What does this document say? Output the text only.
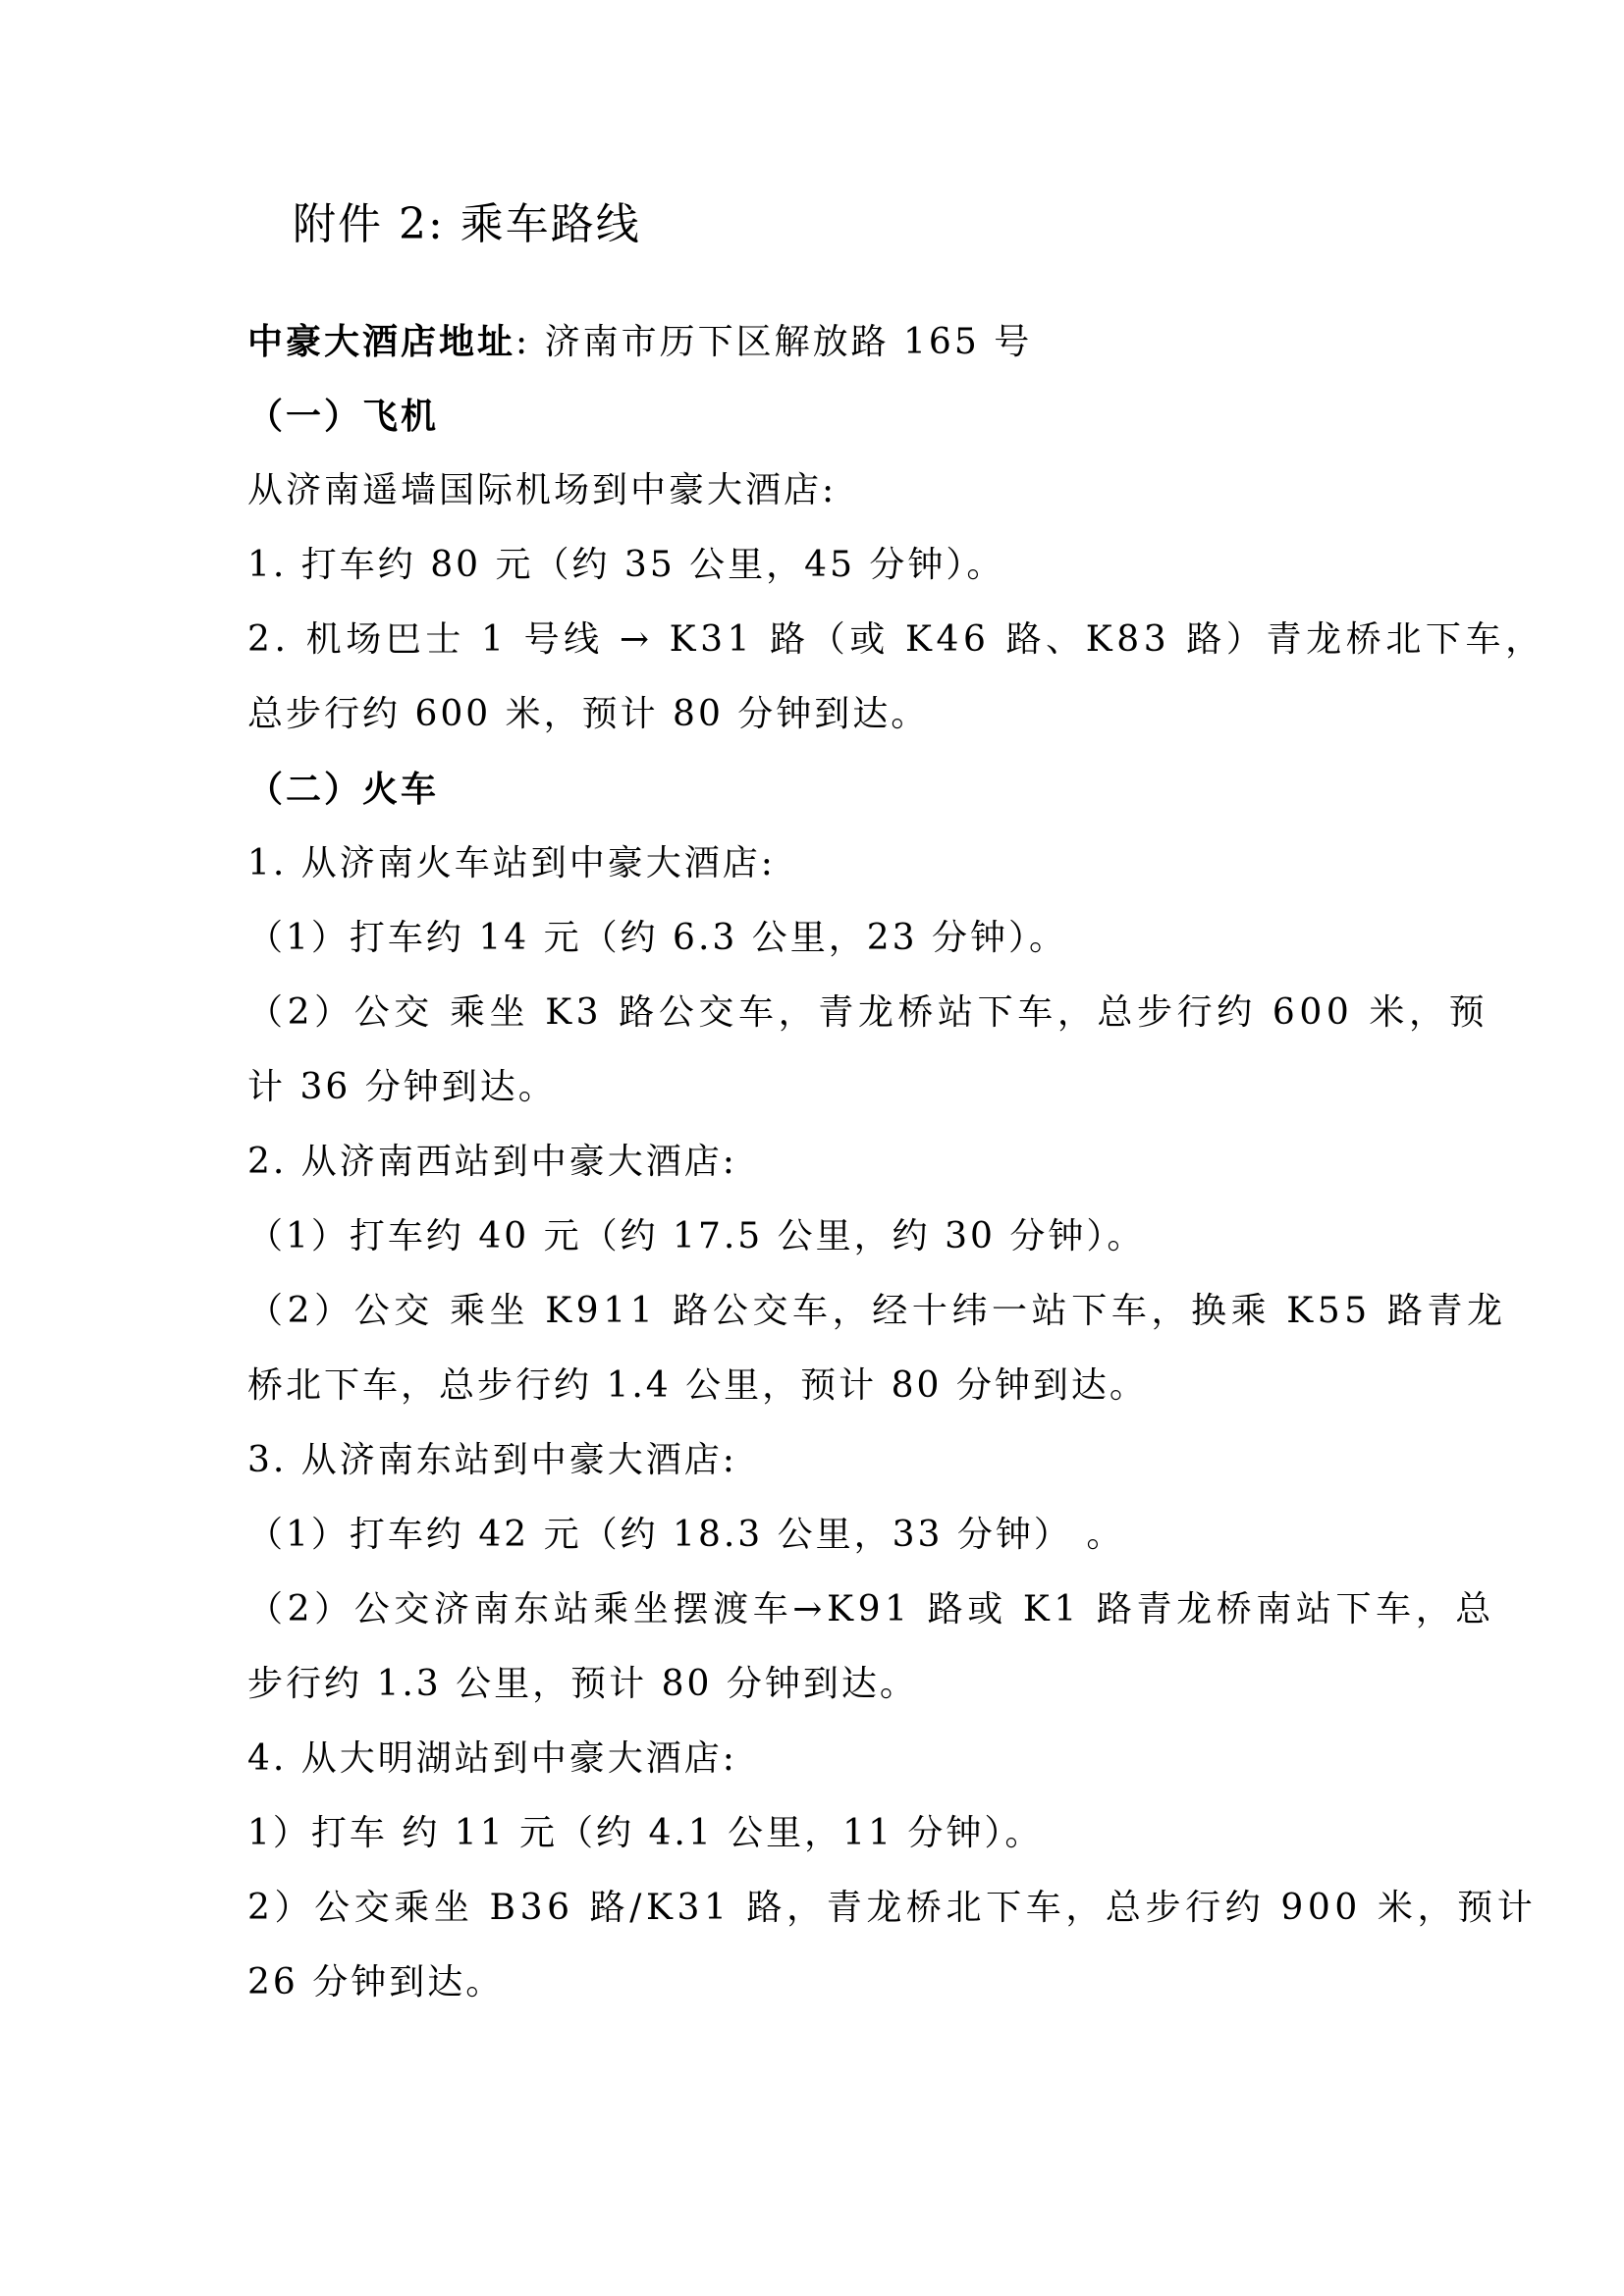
附件 2: 乘车路线
中豪大酒店地址: 济南市历下区解放路 165 号
（一）飞机
从济南遥墙国际机场到中豪大酒店:
1. 打车约 80 元（约 35 公里，45 分钟）。
2. 机场巴士 1 号线 → K31 路（或 K46 路、K83 路）青龙桥北下车，
总步行约 600 米，预计 80 分钟到达。
（二）火车
1. 从济南火车站到中豪大酒店:
（1）打车约 14 元（约 6.3 公里，23 分钟）。
（2）公交 乘坐 K3 路公交车，青龙桥站下车，总步行约 600 米，预
计 36 分钟到达。
2. 从济南西站到中豪大酒店:
（1）打车约 40 元（约 17.5 公里，约 30 分钟）。
（2）公交 乘坐 K911 路公交车，经十纬一站下车，换乘 K55 路青龙
桥北下车，总步行约 1.4 公里，预计 80 分钟到达。
3. 从济南东站到中豪大酒店:
（1）打车约 42 元（约 18.3 公里，33 分钟） 。
（2）公交济南东站乘坐摆渡车→K91 路或 K1 路青龙桥南站下车，总
步行约 1.3 公里，预计 80 分钟到达。
4. 从大明湖站到中豪大酒店:
1）打车 约 11 元（约 4.1 公里，11 分钟）。
2）公交乘坐 B36 路/K31 路，青龙桥北下车，总步行约 900 米，预计
26 分钟到达。
